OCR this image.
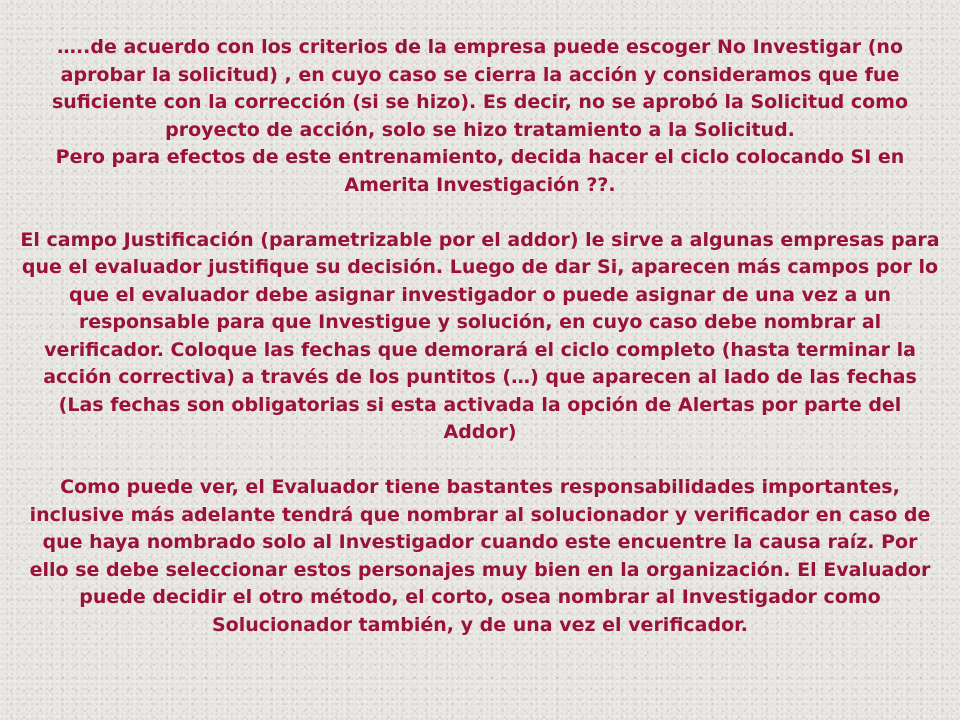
…..de acuerdo con los criterios de la empresa puede escoger No Investigar (no aprobar la solicitud) , en cuyo caso se cierra la acción y consideramos que fue suficiente con la corrección (si se hizo). Es decir, no se aprobó la Solicitud como proyecto de acción, solo se hizo tratamiento a la Solicitud.

Pero para efectos de este entrenamiento, decida hacer el ciclo colocando SI en Amerita Investigación ??.

El campo Justificación (parametrizable por el addor) le sirve a algunas empresas para que el evaluador justifique su decisión. Luego de dar Si, aparecen más campos por lo que el evaluador debe asignar investigador o puede asignar de una vez a un responsable para que Investigue y solución, en cuyo caso debe nombrar al verificador. Coloque las fechas que demorará el ciclo completo (hasta terminar la acción correctiva) a través de los puntitos (…) que aparecen al lado de las fechas

(Las fechas son obligatorias si esta activada la opción de Alertas por parte del Addor)

Como puede ver, el Evaluador tiene bastantes responsabilidades importantes, inclusive más adelante tendrá que nombrar al solucionador y verificador en caso de que haya nombrado solo al Investigador cuando este encuentre la causa raíz. Por ello se debe seleccionar estos personajes muy bien en la organización. El Evaluador puede decidir el otro método, el corto, osea nombrar al Investigador como Solucionador también, y de una vez el verificador.
